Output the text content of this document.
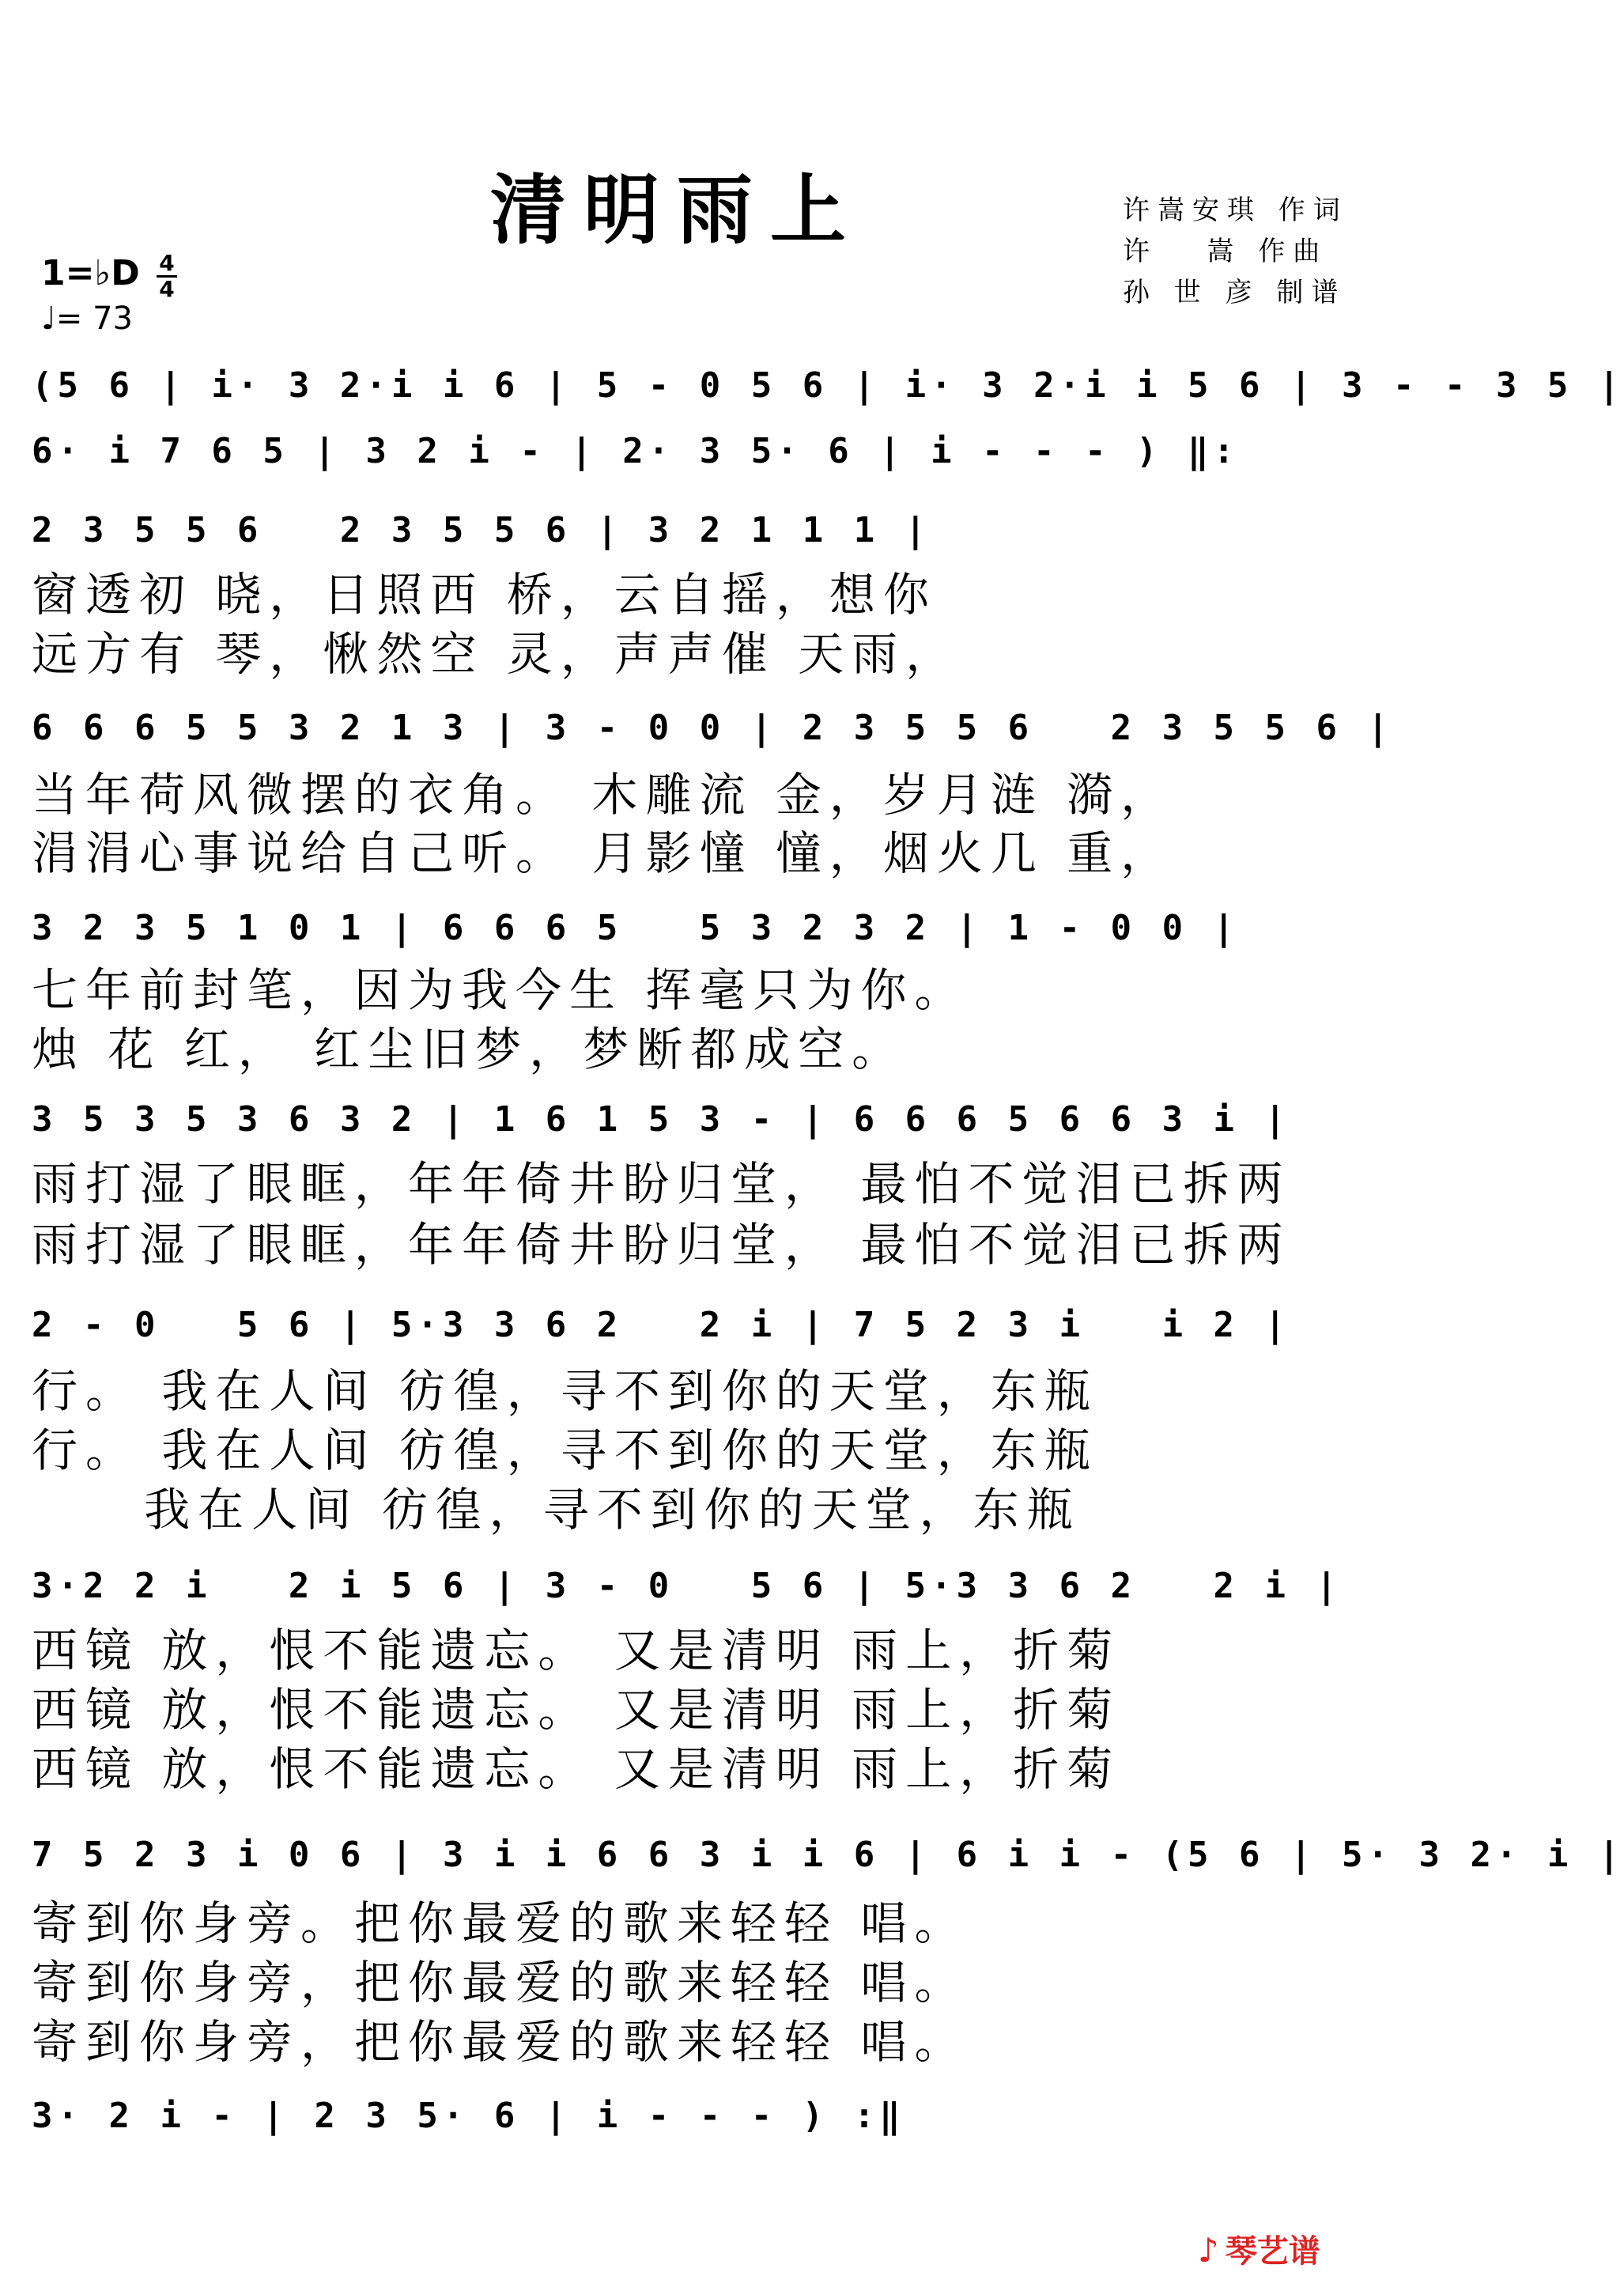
清明雨上	许嵩安琪 作词
许   嵩 作曲
孙 世 彦 制谱
1=♭D 4
4
♩= 73
(5 6 | i· 3 2·i i 6 | 5 - 0 5 6 | i· 3 2·i i 5 6 | 3 - - 3 5 |
6· i 7 6 5 | 3 2 i - | 2· 3 5· 6 | i - - - ) ‖:
2 3 5 5 6   2 3 5 5 6 | 3 2 1 1 1 |
窗透初 晓，日照西 桥，云自摇，想你
远方有 琴，愀然空 灵，声声催 天雨，
6 6 6 5 5 3 2 1 3 | 3 - 0 0 | 2 3 5 5 6   2 3 5 5 6 |
当年荷风微摆的衣角。 木雕流 金，岁月涟 漪，
涓涓心事说给自己听。 月影憧 憧，烟火几 重，
3 2 3 5 1 0 1 | 6 6 6 5   5 3 2 3 2 | 1 - 0 0 |
七年前封笔，因为我今生 挥毫只为你。
烛 花 红， 红尘旧梦，梦断都成空。
3 5 3 5 3 6 3 2 | 1 6 1 5 3 - | 6 6 6 5 6 6 3 i |
雨打湿了眼眶，年年倚井盼归堂， 最怕不觉泪已拆两
雨打湿了眼眶，年年倚井盼归堂， 最怕不觉泪已拆两
2 - 0   5 6 | 5·3 3 6 2   2 i | 7 5 2 3 i   i 2 |
行。 我在人间 彷徨，寻不到你的天堂，东瓶
行。 我在人间 彷徨，寻不到你的天堂，东瓶
我在人间 彷徨，寻不到你的天堂，东瓶
3·2 2 i   2 i 5 6 | 3 - 0   5 6 | 5·3 3 6 2   2 i |
西镜 放，恨不能遗忘。 又是清明 雨上，折菊
西镜 放，恨不能遗忘。 又是清明 雨上，折菊
西镜 放，恨不能遗忘。 又是清明 雨上，折菊
7 5 2 3 i 0 6 | 3 i i 6 6 3 i i 6 | 6 i i - (5 6 | 5· 3 2· i |
寄到你身旁。把你最爱的歌来轻轻 唱。
寄到你身旁，把你最爱的歌来轻轻 唱。
寄到你身旁，把你最爱的歌来轻轻 唱。
3· 2 i - | 2 3 5· 6 | i - - - ) :‖
♪ 琴艺谱
